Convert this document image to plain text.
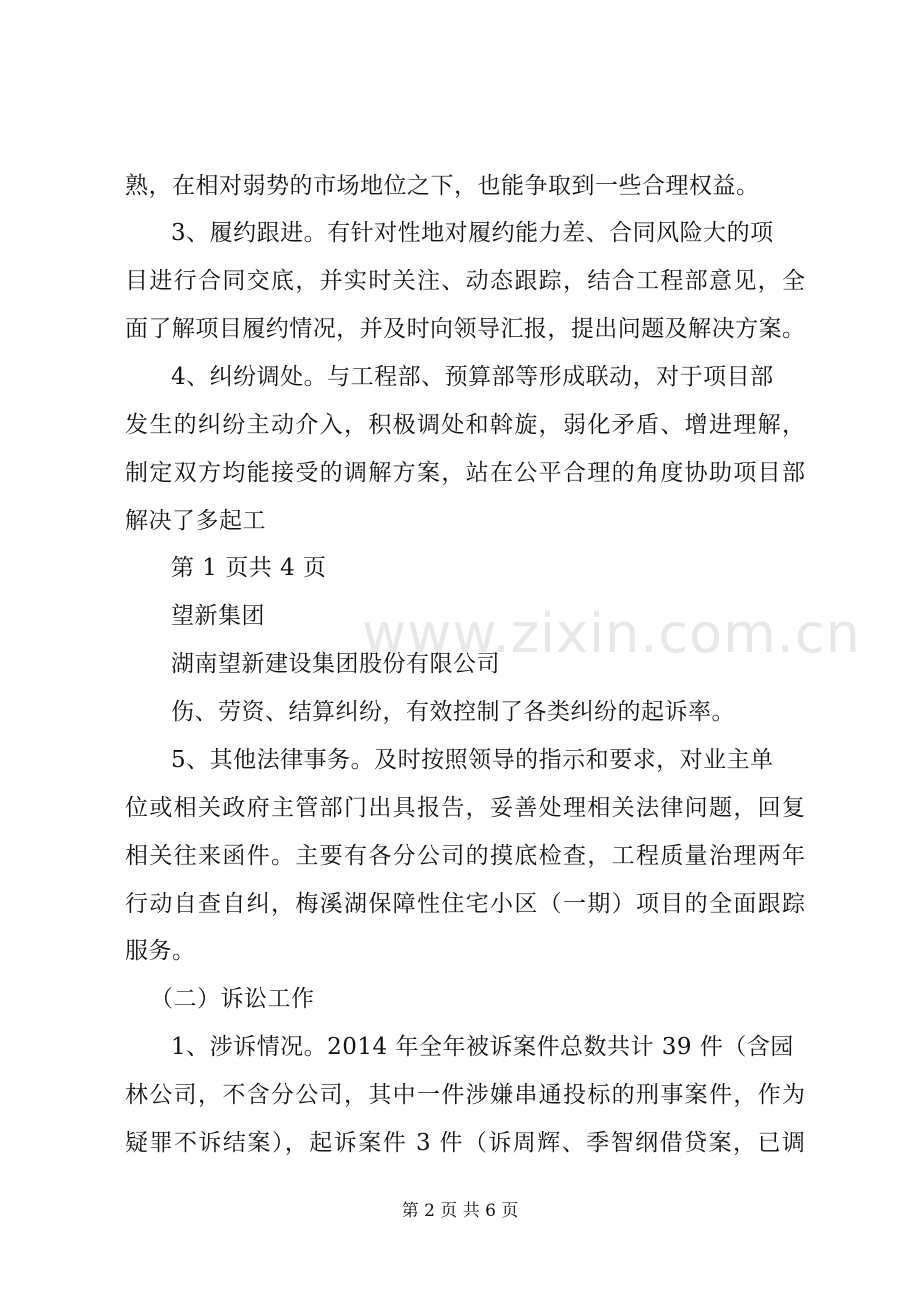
www.zixin.com.cn
熟，在相对弱势的市场地位之下，也能争取到一些合理权益。
3、履约跟进。有针对性地对履约能力差、合同风险大的项
目进行合同交底，并实时关注、动态跟踪，结合工程部意见，全
面了解项目履约情况，并及时向领导汇报，提出问题及解决方案。
4、纠纷调处。与工程部、预算部等形成联动，对于项目部
发生的纠纷主动介入，积极调处和斡旋，弱化矛盾、增进理解，
制定双方均能接受的调解方案，站在公平合理的角度协助项目部
解决了多起工
第 1 页共 4 页
望新集团
湖南望新建设集团股份有限公司
伤、劳资、结算纠纷，有效控制了各类纠纷的起诉率。
5、其他法律事务。及时按照领导的指示和要求，对业主单
位或相关政府主管部门出具报告，妥善处理相关法律问题，回复
相关往来函件。主要有各分公司的摸底检查，工程质量治理两年
行动自查自纠，梅溪湖保障性住宅小区（一期）项目的全面跟踪
服务。
（二）诉讼工作
1、涉诉情况。2014 年全年被诉案件总数共计 39 件（含园
林公司，不含分公司，其中一件涉嫌串通投标的刑事案件，作为
疑罪不诉结案），起诉案件 3 件（诉周辉、季智纲借贷案，已调
第 2 页 共 6 页
